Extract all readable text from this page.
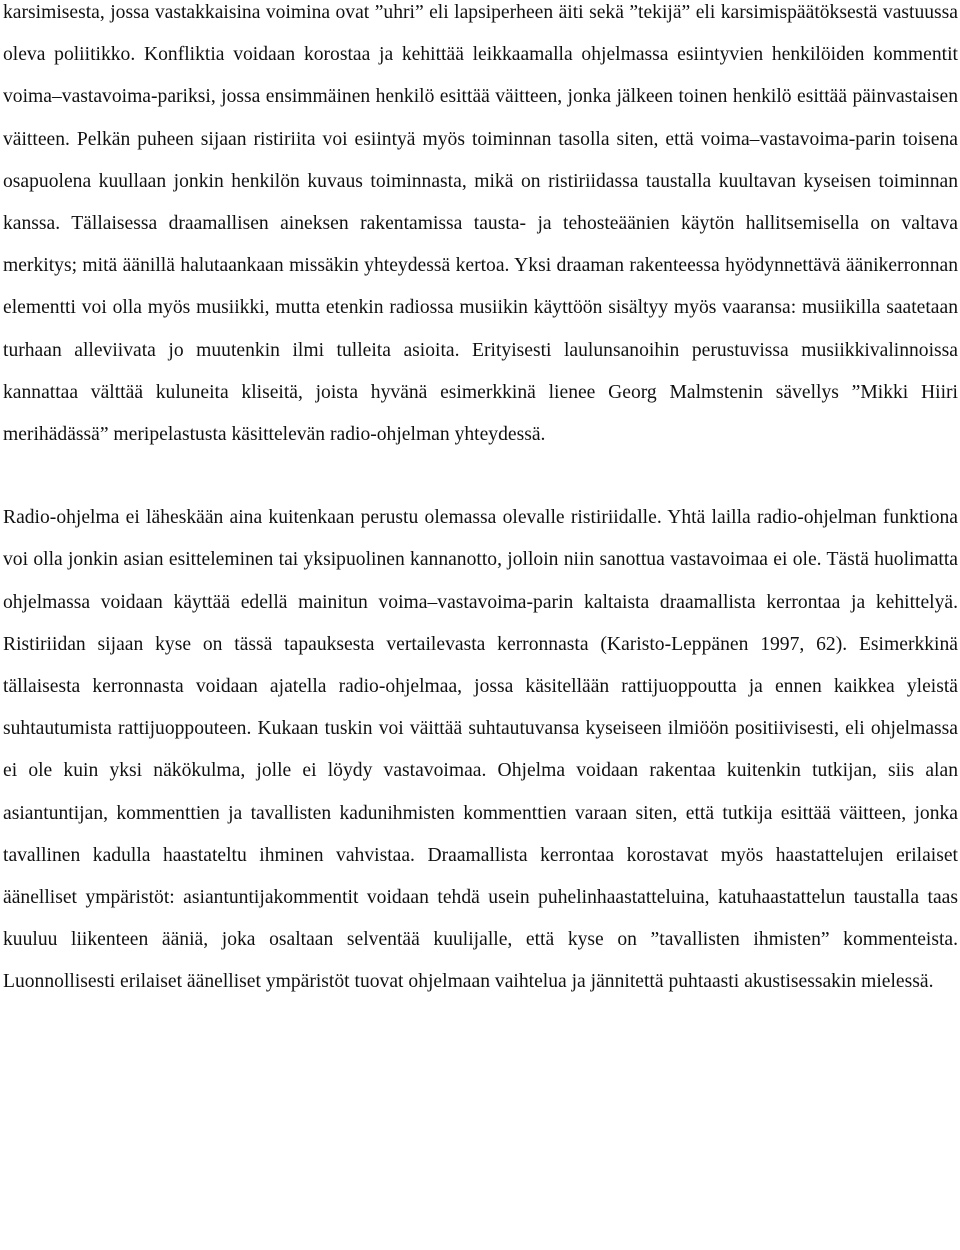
karsimisesta, jossa vastakkaisina voimina ovat ”uhri” eli lapsiperheen äiti sekä ”tekijä” eli karsimispäätöksestä vastuussa oleva poliitikko. Konfliktia voidaan korostaa ja kehittää leikkaamalla ohjelmassa esiintyvien henkilöiden kommentit voima–vastavoima-pariksi, jossa ensimmäinen henkilö esittää väitteen, jonka jälkeen toinen henkilö esittää päinvastaisen väitteen. Pelkän puheen sijaan ristiriita voi esiintyä myös toiminnan tasolla siten, että voima–vastavoima-parin toisena osapuolena kuullaan jonkin henkilön kuvaus toiminnasta, mikä on ristiriidassa taustalla kuultavan kyseisen toiminnan kanssa. Tällaisessa draamallisen aineksen rakentamissa tausta- ja tehosteäänien käytön hallitsemisella on valtava merkitys; mitä äänillä halutaankaan missäkin yhteydessä kertoa. Yksi draaman rakenteessa hyödynnettävä äänikerronnan elementti voi olla myös musiikki, mutta etenkin radiossa musiikin käyttöön sisältyy myös vaaransa: musiikilla saatetaan turhaan alleviivata jo muutenkin ilmi tulleita asioita. Erityisesti laulunsanoihin perustuvissa musiikkivalinnoissa kannattaa välttää kuluneita kliseitä, joista hyvänä esimerkkinä lienee Georg Malmstenin sävellys ”Mikki Hiiri merihädässä” meripelastusta käsittelevän radio-ohjelman yhteydessä.

Radio-ohjelma ei läheskään aina kuitenkaan perustu olemassa olevalle ristiriidalle. Yhtä lailla radio-ohjelman funktiona voi olla jonkin asian esitteleminen tai yksipuolinen kannanotto, jolloin niin sanottua vastavoimaa ei ole. Tästä huolimatta ohjelmassa voidaan käyttää edellä mainitun voima–vastavoima-parin kaltaista draamallista kerrontaa ja kehittelyä. Ristiriidan sijaan kyse on tässä tapauksesta vertailevasta kerronnasta (Karisto-Leppänen 1997, 62). Esimerkkinä tällaisesta kerronnasta voidaan ajatella radio-ohjelmaa, jossa käsitellään rattijuoppoutta ja ennen kaikkea yleistä suhtautumista rattijuoppouteen. Kukaan tuskin voi väittää suhtautuvansa kyseiseen ilmiöön positiivisesti, eli ohjelmassa ei ole kuin yksi näkökulma, jolle ei löydy vastavoimaa. Ohjelma voidaan rakentaa kuitenkin tutkijan, siis alan asiantuntijan, kommenttien ja tavallisten kadunihmisten kommenttien varaan siten, että tutkija esittää väitteen, jonka tavallinen kadulla haastateltu ihminen vahvistaa. Draamallista kerrontaa korostavat myös haastattelujen erilaiset äänelliset ympäristöt: asiantuntijakommentit voidaan tehdä usein puhelinhaastatteluina, katuhaastattelun taustalla taas kuuluu liikenteen ääniä, joka osaltaan selventää kuulijalle, että kyse on ”tavallisten ihmisten” kommenteista. Luonnollisesti erilaiset äänelliset ympäristöt tuovat ohjelmaan vaihtelua ja jännitettä puhtaasti akustisessakin mielessä.
